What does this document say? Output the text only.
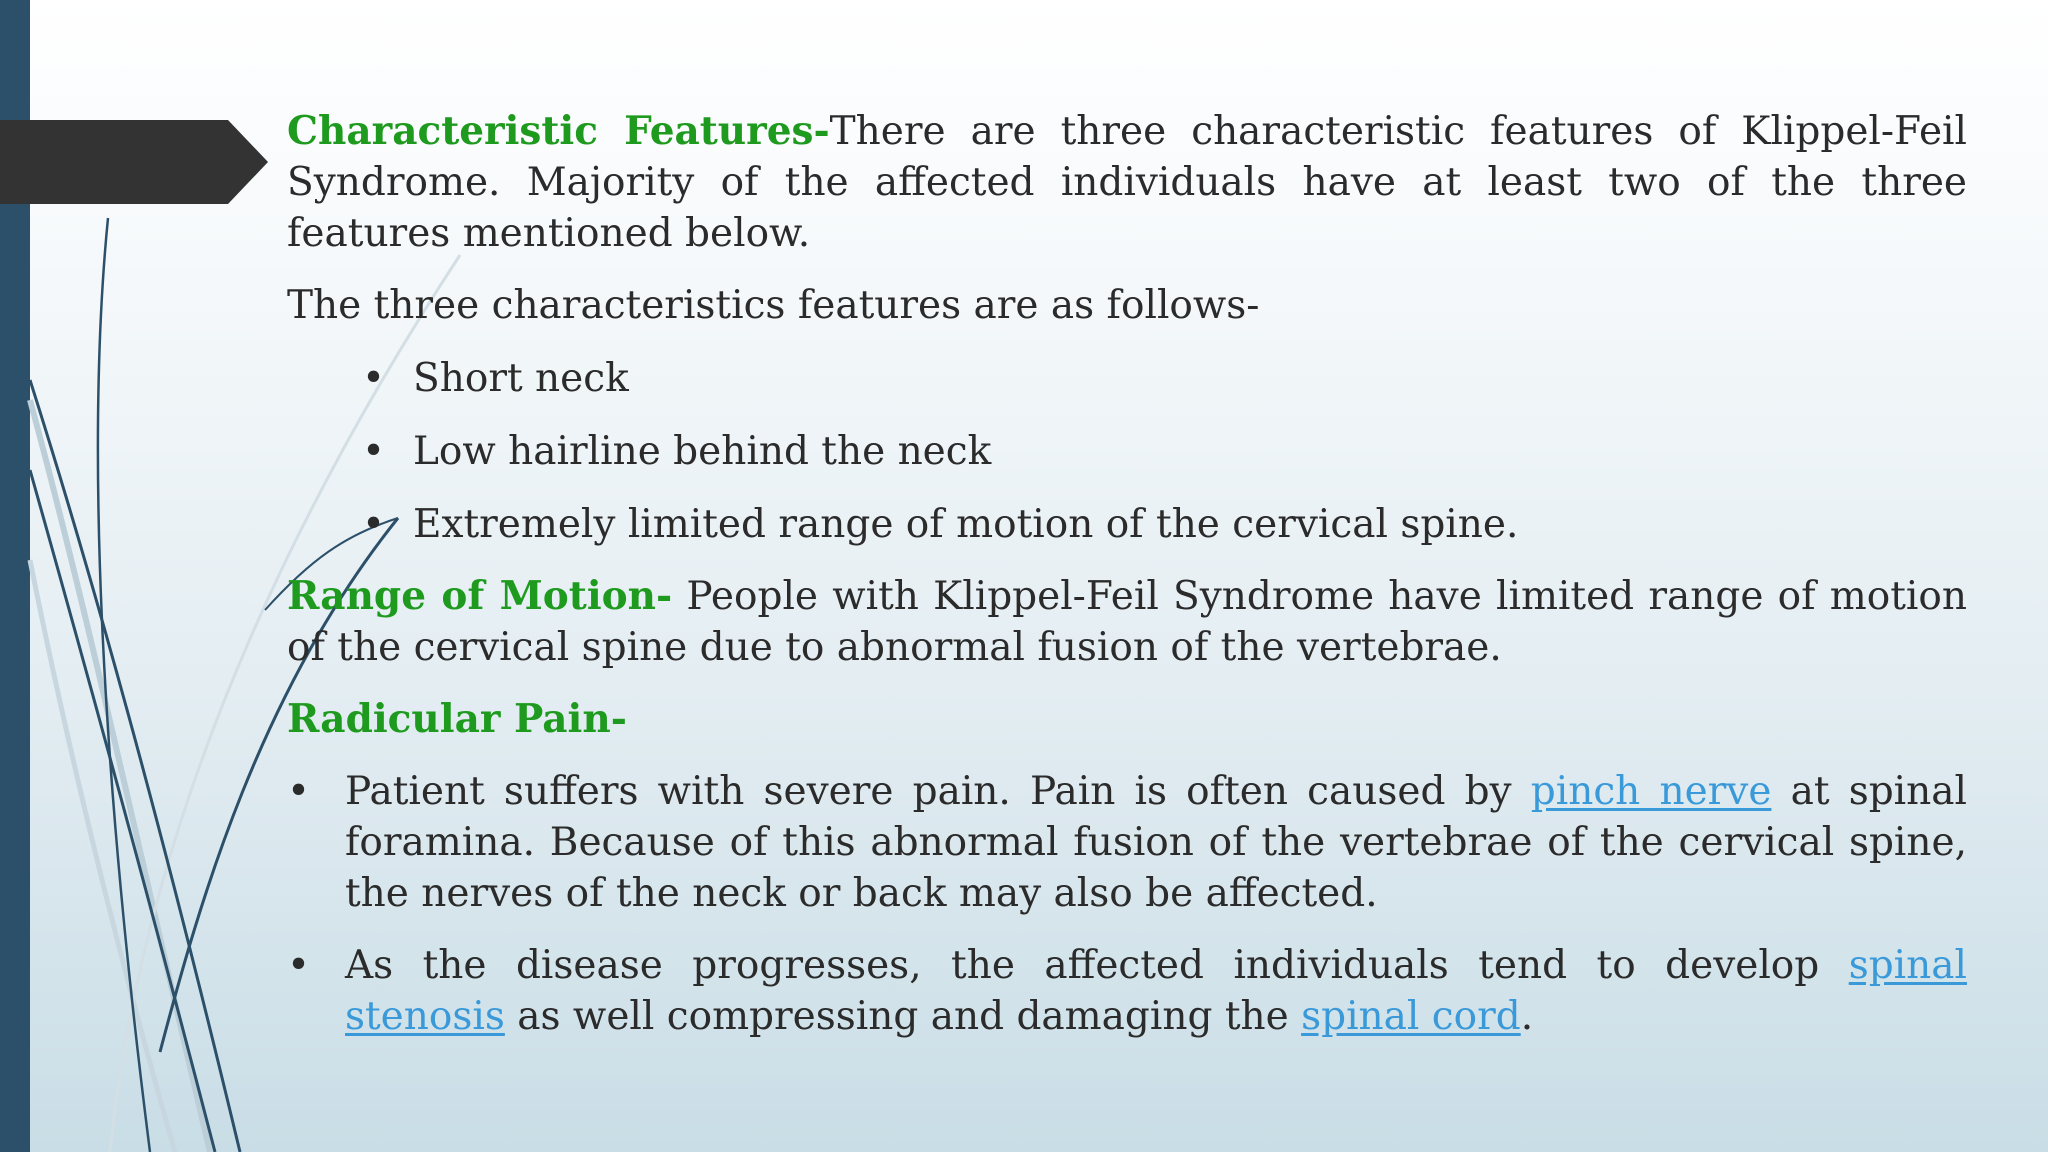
Characteristic Features-There are three characteristic features of Klippel-Feil Syndrome. Majority of the affected individuals have at least two of the three features mentioned below.

The three characteristics features are as follows-

• Short neck
• Low hairline behind the neck
• Extremely limited range of motion of the cervical spine.

Range of Motion- People with Klippel-Feil Syndrome have limited range of motion of the cervical spine due to abnormal fusion of the vertebrae.

Radicular Pain-

• Patient suffers with severe pain. Pain is often caused by pinch nerve at spinal foramina. Because of this abnormal fusion of the vertebrae of the cervical spine, the nerves of the neck or back may also be affected.
• As the disease progresses, the affected individuals tend to develop spinal stenosis as well compressing and damaging the spinal cord.
